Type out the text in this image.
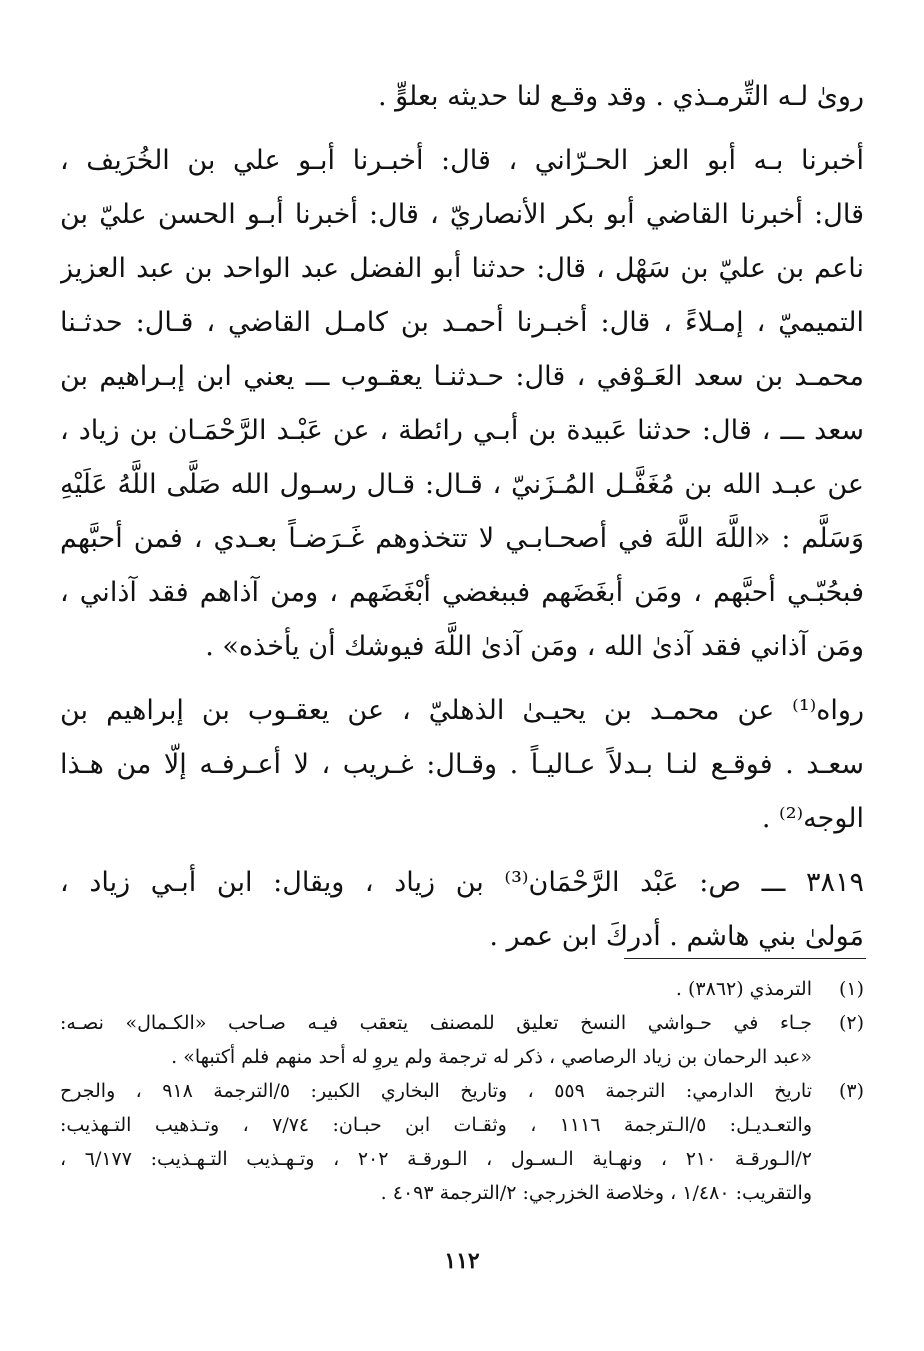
رویٰ لـه التِّرمـذي . وقد وقـع لنا حديثه بعلوٍّ .
أخبرنا بـه أبو العز الحـرّاني ، قال: أخبـرنا أبـو علي بن الخُرَيف ،
قال: أخبرنا القاضي أبو بكر الأنصاريّ ، قال: أخبرنا أبـو الحسن عليّ بن
ناعم بن عليّ بن سَهْل ، قال: حدثنا أبو الفضل عبد الواحد بن عبد العزيز
التميميّ ، إمـلاءً ، قال: أخبـرنا أحمـد بن كامـل القاضي ، قـال: حدثـنا
محمـد بن سعد العَـوْفي ، قال: حـدثنـا يعقـوب ـــ يعني ابن إبـراهيم بن
سعد ـــ ، قال: حدثنا عَبيدة بن أبـي رائطة ، عن عَبْـد الرَّحْمَـان بن زياد ،
عن عبـد الله بن مُغَفَّـل المُـزَنيّ ، قـال: قـال رسـول الله صَلَّى اللَّهُ عَلَيْهِ
وَسَلَّم : «اللَّهَ اللَّهَ في أصحـابـي لا تتخذوهم غَـرَضـاً بعـدي ، فمن أحبَّهم
فبحُبّـي أحبَّهم ، ومَن أبغَضَهم فببغضي أبْغَضَهم ، ومن آذاهم فقد آذاني ،
ومَن آذاني فقد آذیٰ الله ، ومَن آذیٰ اللَّهَ فيوشك أن يأخذه» .
رواه⁽¹⁾ عن محمـد بن يحيـیٰ الذهليّ ، عن يعقـوب بن إبراهيم بن
سعـد . فوقـع لنـا بـدلاً عـاليـاً . وقـال: غـريب ، لا أعـرفـه إلّا من هـذا
الوجه⁽²⁾ .
٣٨١٩ ـــ ص: عَبْد الرَّحْمَان⁽³⁾ بن زياد ، ويقال: ابن أبـي زياد ،
مَولیٰ بني هاشم . أدركَ ابن عمر .
(١)الترمذي (٣٨٦٢) .
(٢)جـاء في حـواشي النسخ تعليق للمصنف يتعقب فيـه صـاحب «الكـمال» نصـه:
«عبد الرحمان بن زياد الرصاصي ، ذكر له ترجمة ولم يروِ له أحد منهم فلم أكتبها» .
(٣)تاريخ الدارمي: الترجمة ٥٥٩ ، وتاريخ البخاري الكبير: ٥/الترجمة ٩١٨ ، والجرح
والتعـديـل: ٥/الـترجمة ١١١٦ ، وثقـات ابن حبـان: ٧/٧٤ ، وتـذهيب التـهذيب:
٢/الـورقـة ٢١٠ ، ونهـاية الـسـول ، الـورقـة ٢٠٢ ، وتـهـذيب التـهـذيب: ٦/١٧٧ ،
والتقريب: ١/٤٨٠ ، وخلاصة الخزرجي: ٢/الترجمة ٤٠٩٣ .
١١٢
